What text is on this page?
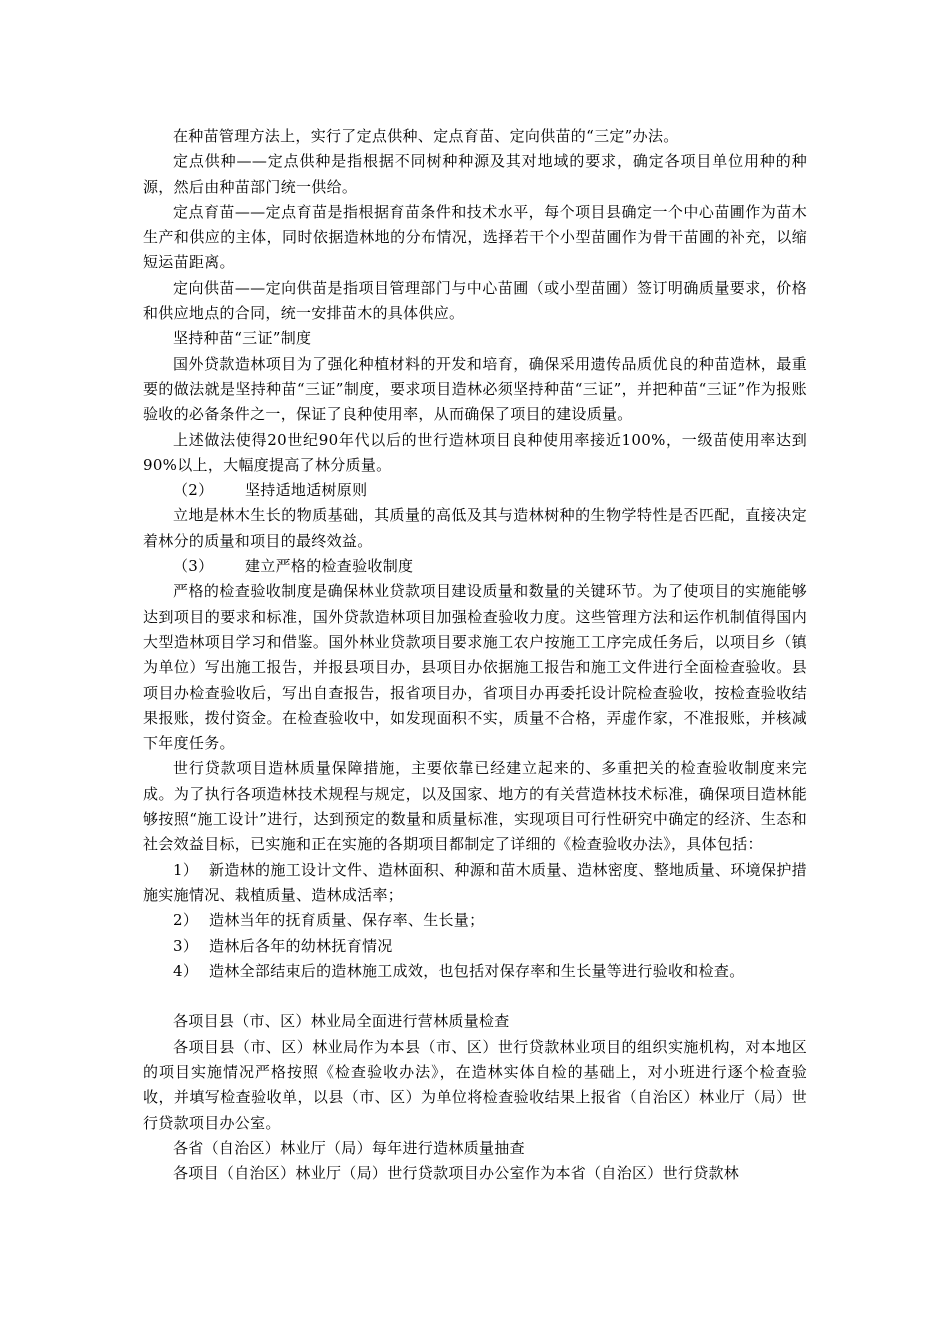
在种苗管理方法上，实行了定点供种、定点育苗、定向供苗的“三定”办法。

定点供种——定点供种是指根据不同树种种源及其对地域的要求，确定各项目单位用种的种源，然后由种苗部门统一供给。

定点育苗——定点育苗是指根据育苗条件和技术水平，每个项目县确定一个中心苗圃作为苗木生产和供应的主体，同时依据造林地的分布情况，选择若干个小型苗圃作为骨干苗圃的补充，以缩短运苗距离。

定向供苗——定向供苗是指项目管理部门与中心苗圃（或小型苗圃）签订明确质量要求，价格和供应地点的合同，统一安排苗木的具体供应。

坚持种苗“三证”制度

国外贷款造林项目为了强化种植材料的开发和培育，确保采用遗传品质优良的种苗造林，最重要的做法就是坚持种苗“三证”制度，要求项目造林必须坚持种苗“三证”，并把种苗“三证”作为报账验收的必备条件之一，保证了良种使用率，从而确保了项目的建设质量。

上述做法使得20世纪90年代以后的世行造林项目良种使用率接近100%，一级苗使用率达到90%以上，大幅度提高了林分质量。

（2） 坚持适地适树原则

立地是林木生长的物质基础，其质量的高低及其与造林树种的生物学特性是否匹配，直接决定着林分的质量和项目的最终效益。

（3） 建立严格的检查验收制度

严格的检查验收制度是确保林业贷款项目建设质量和数量的关键环节。为了使项目的实施能够达到项目的要求和标准，国外贷款造林项目加强检查验收力度。这些管理方法和运作机制值得国内大型造林项目学习和借鉴。国外林业贷款项目要求施工农户按施工工序完成任务后，以项目乡（镇为单位）写出施工报告，并报县项目办，县项目办依据施工报告和施工文件进行全面检查验收。县项目办检查验收后，写出自查报告，报省项目办，省项目办再委托设计院检查验收，按检查验收结果报账，拨付资金。在检查验收中，如发现面积不实，质量不合格，弄虚作家，不准报账，并核减下年度任务。

世行贷款项目造林质量保障措施，主要依靠已经建立起来的、多重把关的检查验收制度来完成。为了执行各项造林技术规程与规定，以及国家、地方的有关营造林技术标准，确保项目造林能够按照“施工设计”进行，达到预定的数量和质量标准，实现项目可行性研究中确定的经济、生态和社会效益目标，已实施和正在实施的各期项目都制定了详细的《检查验收办法》，具体包括：

1） 新造林的施工设计文件、造林面积、种源和苗木质量、造林密度、整地质量、环境保护措施实施情况、栽植质量、造林成活率；

2） 造林当年的抚育质量、保存率、生长量；

3） 造林后各年的幼林抚育情况

4） 造林全部结束后的造林施工成效，也包括对保存率和生长量等进行验收和检查。

各项目县（市、区）林业局全面进行营林质量检查

各项目县（市、区）林业局作为本县（市、区）世行贷款林业项目的组织实施机构，对本地区的项目实施情况严格按照《检查验收办法》，在造林实体自检的基础上，对小班进行逐个检查验收，并填写检查验收单，以县（市、区）为单位将检查验收结果上报省（自治区）林业厅（局）世行贷款项目办公室。

各省（自治区）林业厅（局）每年进行造林质量抽查

各项目（自治区）林业厅（局）世行贷款项目办公室作为本省（自治区）世行贷款林
